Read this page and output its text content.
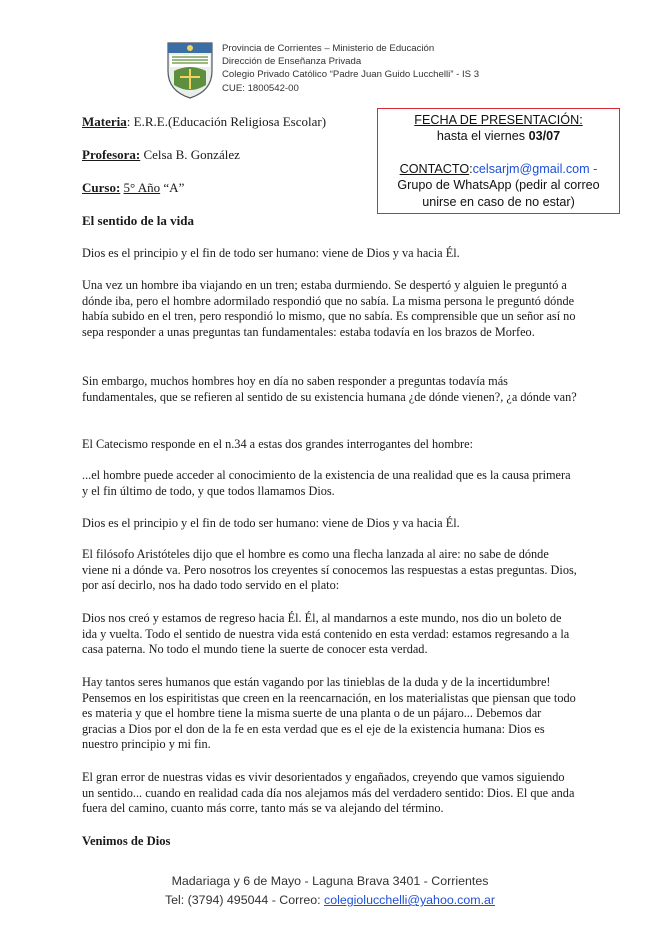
Provincia de Corrientes – Ministerio de Educación
Dirección de Enseñanza Privada
Colegio Privado Católico “Padre Juan Guido Lucchelli” - IS 3
CUE: 1800542-00
Materia: E.R.E.(Educación Religiosa Escolar)
Profesora: Celsa B. González
Curso: 5° Año “A”
FECHA DE PRESENTACIÓN:
hasta el viernes 03/07
CONTACTO:celsarjm@gmail.com -
Grupo de WhatsApp (pedir al correo
unirse en caso de no estar)
El sentido de la vida

Dios es el principio y el fin de todo ser humano: viene de Dios y va hacia Él.

Una vez un hombre iba viajando en un tren; estaba durmiendo. Se despertó y alguien le preguntó a dónde iba, pero el hombre adormilado respondió que no sabía. La misma persona le preguntó dónde había subido en el tren, pero respondió lo mismo, que no sabía. Es comprensible que un señor así no sepa responder a unas preguntas tan fundamentales: estaba todavía en los brazos de Morfeo.

Sin embargo, muchos hombres hoy en día no saben responder a preguntas todavía más fundamentales, que se refieren al sentido de su existencia humana ¿de dónde vienen?, ¿a dónde van?

El Catecismo responde en el n.34 a estas dos grandes interrogantes del hombre:

...el hombre puede acceder al conocimiento de la existencia de una realidad que es la causa primera y el fin último de todo, y que todos llamamos Dios.

Dios es el principio y el fin de todo ser humano: viene de Dios y va hacia Él.

El filósofo Aristóteles dijo que el hombre es como una flecha lanzada al aire: no sabe de dónde viene ni a dónde va. Pero nosotros los creyentes sí conocemos las respuestas a estas preguntas. Dios, por así decirlo, nos ha dado todo servido en el plato:

Dios nos creó y estamos de regreso hacia Él. Él, al mandarnos a este mundo, nos dio un boleto de ida y vuelta. Todo el sentido de nuestra vida está contenido en esta verdad: estamos regresando a la casa paterna. No todo el mundo tiene la suerte de conocer esta verdad.

Hay tantos seres humanos que están vagando por las tinieblas de la duda y de la incertidumbre! Pensemos en los espiritistas que creen en la reencarnación, en los materialistas que piensan que todo es materia y que el hombre tiene la misma suerte de una planta o de un pájaro... Debemos dar gracias a Dios por el don de la fe en esta verdad que es el eje de la existencia humana: Dios es nuestro principio y mi fin.

El gran error de nuestras vidas es vivir desorientados y engañados, creyendo que vamos siguiendo un sentido... cuando en realidad cada día nos alejamos más del verdadero sentido: Dios. El que anda fuera del camino, cuanto más corre, tanto más se va alejando del término.

Venimos de Dios
Madariaga y 6 de Mayo - Laguna Brava 3401 - Corrientes
Tel: (3794) 495044 - Correo: colegiolucchelli@yahoo.com.ar
